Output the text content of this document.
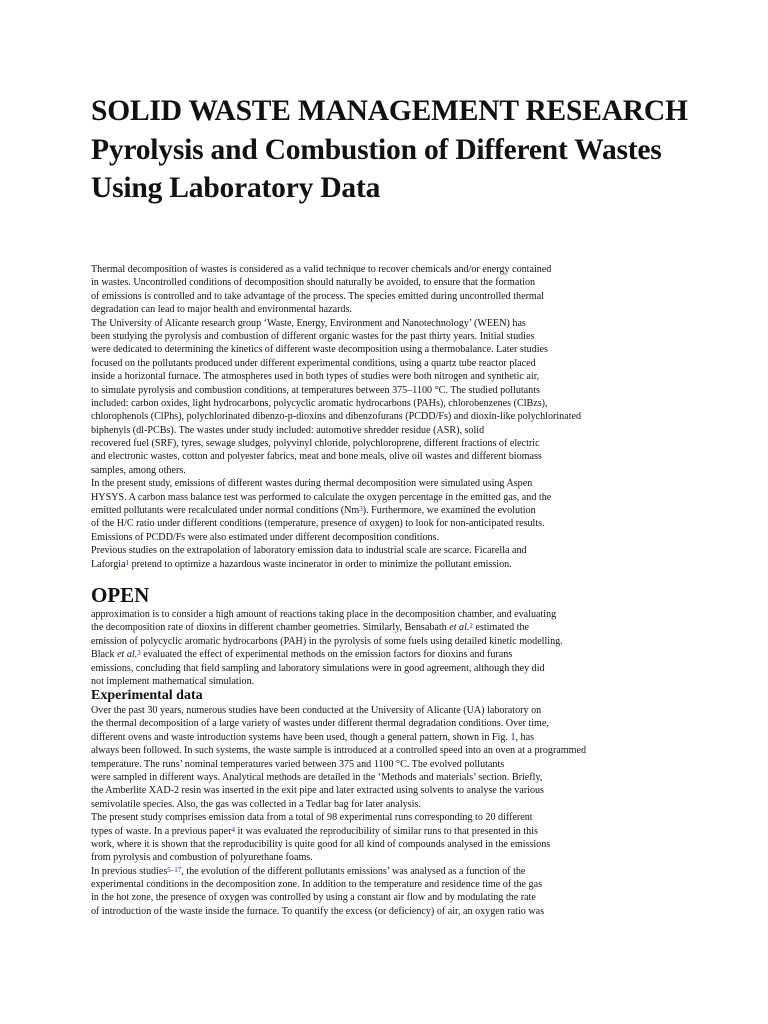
SOLID WASTE MANAGEMENT RESEARCH Pyrolysis and Combustion of Different Wastes Using Laboratory Data
Thermal decomposition of wastes is considered as a valid technique to recover chemicals and/or energy contained
in wastes. Uncontrolled conditions of decomposition should naturally be avoided, to ensure that the formation
of emissions is controlled and to take advantage of the process. The species emitted during uncontrolled thermal
degradation can lead to major health and environmental hazards.
The University of Alicante research group ‘Waste, Energy, Environment and Nanotechnology’ (WEEN) has
been studying the pyrolysis and combustion of different organic wastes for the past thirty years. Initial studies
were dedicated to determining the kinetics of different waste decomposition using a thermobalance. Later studies
focused on the pollutants produced under different experimental conditions, using a quartz tube reactor placed
inside a horizontal furnace. The atmospheres used in both types of studies were both nitrogen and synthetic air,
to simulate pyrolysis and combustion conditions, at temperatures between 375–1100 °C. The studied pollutants
included: carbon oxides, light hydrocarbons, polycyclic aromatic hydrocarbons (PAHs), chlorobenzenes (ClBzs),
chlorophenols (ClPhs), polychlorinated dibenzo-p-dioxins and dibenzofurans (PCDD/Fs) and dioxin-like polychlorinated
biphenyls (dl-PCBs). The wastes under study included: automotive shredder residue (ASR), solid
recovered fuel (SRF), tyres, sewage sludges, polyvinyl chloride, polychloroprene, different fractions of electric
and electronic wastes, cotton and polyester fabrics, meat and bone meals, olive oil wastes and different biomass
samples, among others.
In the present study, emissions of different wastes during thermal decomposition were simulated using Aspen
HYSYS. A carbon mass balance test was performed to calculate the oxygen percentage in the emitted gas, and the
emitted pollutants were recalculated under normal conditions (Nm$^3$). Furthermore, we examined the evolution
of the H/C ratio under different conditions (temperature, presence of oxygen) to look for non-anticipated results.
Emissions of PCDD/Fs were also estimated under different decomposition conditions.
Previous studies on the extrapolation of laboratory emission data to industrial scale are scarce. Ficarella and
Laforgia$^1$ pretend to optimize a hazardous waste incinerator in order to minimize the pollutant emission.
OPEN
approximation is to consider a high amount of reactions taking place in the decomposition chamber, and evaluating
the decomposition rate of dioxins in different chamber geometries. Similarly, Bensabath et al.$^2$ estimated the
emission of polycyclic aromatic hydrocarbons (PAH) in the pyrolysis of some fuels using detailed kinetic modelling.
Black et al.$^3$ evaluated the effect of experimental methods on the emission factors for dioxins and furans
emissions, concluding that field sampling and laboratory simulations were in good agreement, although they did
not implement mathematical simulation.
Experimental data
Over the past 30 years, numerous studies have been conducted at the University of Alicante (UA) laboratory on
the thermal decomposition of a large variety of wastes under different thermal degradation conditions. Over time,
different ovens and waste introduction systems have been used, though a general pattern, shown in Fig. 1, has
always been followed. In such systems, the waste sample is introduced at a controlled speed into an oven at a programmed
temperature. The runs’ nominal temperatures varied between 375 and 1100 °C. The evolved pollutants
were sampled in different ways. Analytical methods are detailed in the ‘Methods and materials’ section. Briefly,
the Amberlite XAD-2 resin was inserted in the exit pipe and later extracted using solvents to analyse the various
semivolatile species. Also, the gas was collected in a Tedlar bag for later analysis.
The present study comprises emission data from a total of 98 experimental runs corresponding to 20 different
types of waste. In a previous paper$^4$ it was evaluated the reproducibility of similar runs to that presented in this
work, where it is shown that the reproducibility is quite good for all kind of compounds analysed in the emissions
from pyrolysis and combustion of polyurethane foams.
In previous studies$^{5-17}$, the evolution of the different pollutants emissions’ was analysed as a function of the
experimental conditions in the decomposition zone. In addition to the temperature and residence time of the gas
in the hot zone, the presence of oxygen was controlled by using a constant air flow and by modulating the rate
of introduction of the waste inside the furnace. To quantify the excess (or deficiency) of air, an oxygen ratio was
